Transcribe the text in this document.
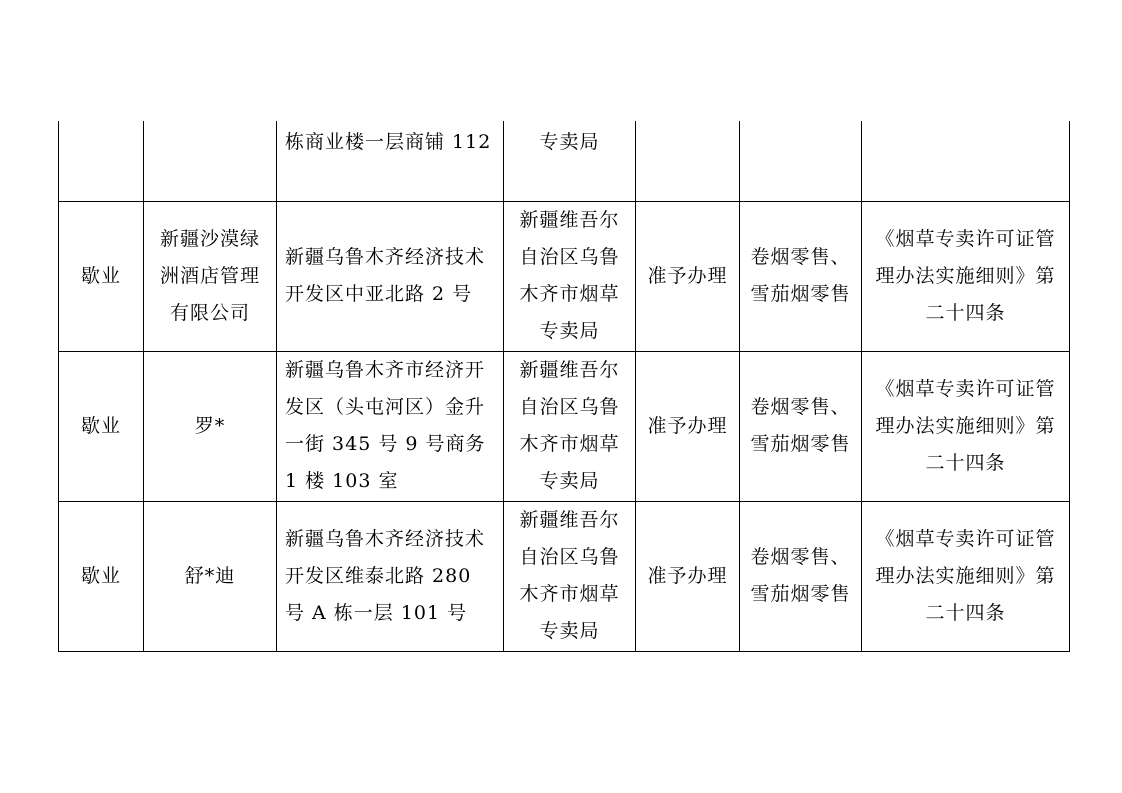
		栋商业楼一层商铺 112	专卖局			
歇业	新疆沙漠绿洲酒店管理有限公司	新疆乌鲁木齐经济技术开发区中亚北路 2 号	新疆维吾尔自治区乌鲁木齐市烟草专卖局	准予办理	卷烟零售、雪茄烟零售	《烟草专卖许可证管理办法实施细则》第二十四条
歇业	罗*	新疆乌鲁木齐市经济开发区（头屯河区）金升一街 345 号 9 号商务 1 楼 103 室	新疆维吾尔自治区乌鲁木齐市烟草专卖局	准予办理	卷烟零售、雪茄烟零售	《烟草专卖许可证管理办法实施细则》第二十四条
歇业	舒*迪	新疆乌鲁木齐经济技术开发区维泰北路 280 号 A 栋一层 101 号	新疆维吾尔自治区乌鲁木齐市烟草专卖局	准予办理	卷烟零售、雪茄烟零售	《烟草专卖许可证管理办法实施细则》第二十四条
